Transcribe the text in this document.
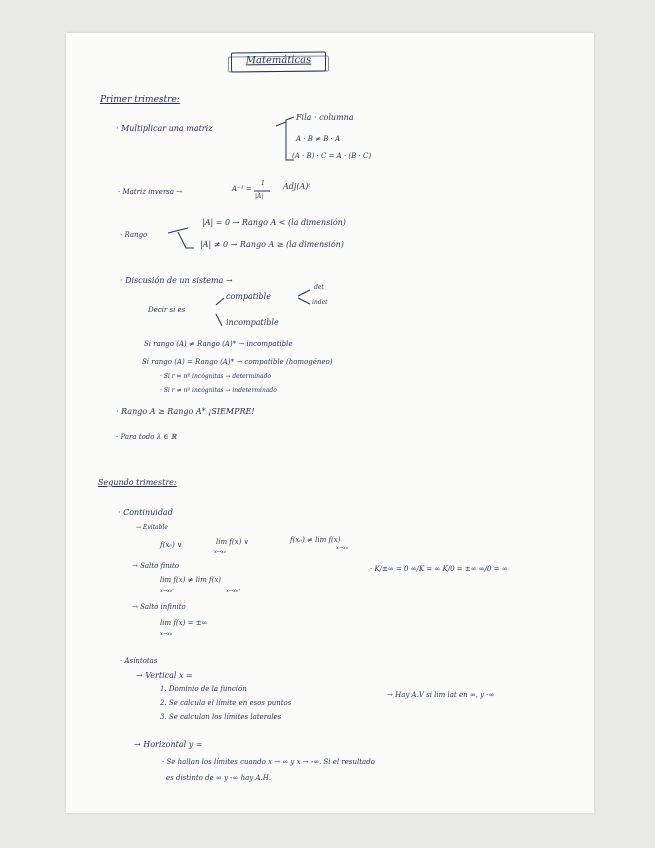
Matemáticas
Primer trimestre:
· Multiplicar una matriz
Fila · columna
A · B ≠ B · A
(A · B) · C = A · (B · C)
· Matriz inversa →	A⁻¹ =
1
|A|
Adj(A)ᵗ
· Rango
|A| = 0 → Rango A < (la dimensión)
|A| ≠ 0 → Rango A ≥ (la dimensión)
· Discusión de un sistema →
Decir si es
compatible
det
indet
incompatible
Si rango (A) ≠ Rango (A)* → incompatible
Si rango (A) = Rango (A)* → compatible (homogéneo)
· Si r = nº incógnitas → determinado
· Si r ≠ nº incógnitas → indeterminado
· Rango A ≥ Rango A* ¡SIEMPRE!
· Para todo λ ∈ ℝ
Segundo trimestre:
· Continuidad
→ Evitable
f(x₀) ∨	lim f(x) ∨
x→x₀
f(x₀) ≠ lim f(x)
x→x₀
→ Salto finito
lim f(x) ≠ lim f(x)
x→x₀⁻	x→x₀⁺
· K/±∞ = 0 ∞/K = ∞ K/0 = ±∞ ∞/0 = ∞
→ Salto infinito
lim f(x) = ±∞
x→x₀
· Asíntotas
→ Vertical x =
1. Dominio de la función
2. Se calcula el límite en esos puntos
3. Se calculan los límites laterales
→ Hay A.V si lim lat en ∞, y -∞
→ Horizontal y =
· Se hallan los límites cuando x → ∞ y x → -∞. Si el resultado
es distinto de ∞ y -∞ hay A.H.
